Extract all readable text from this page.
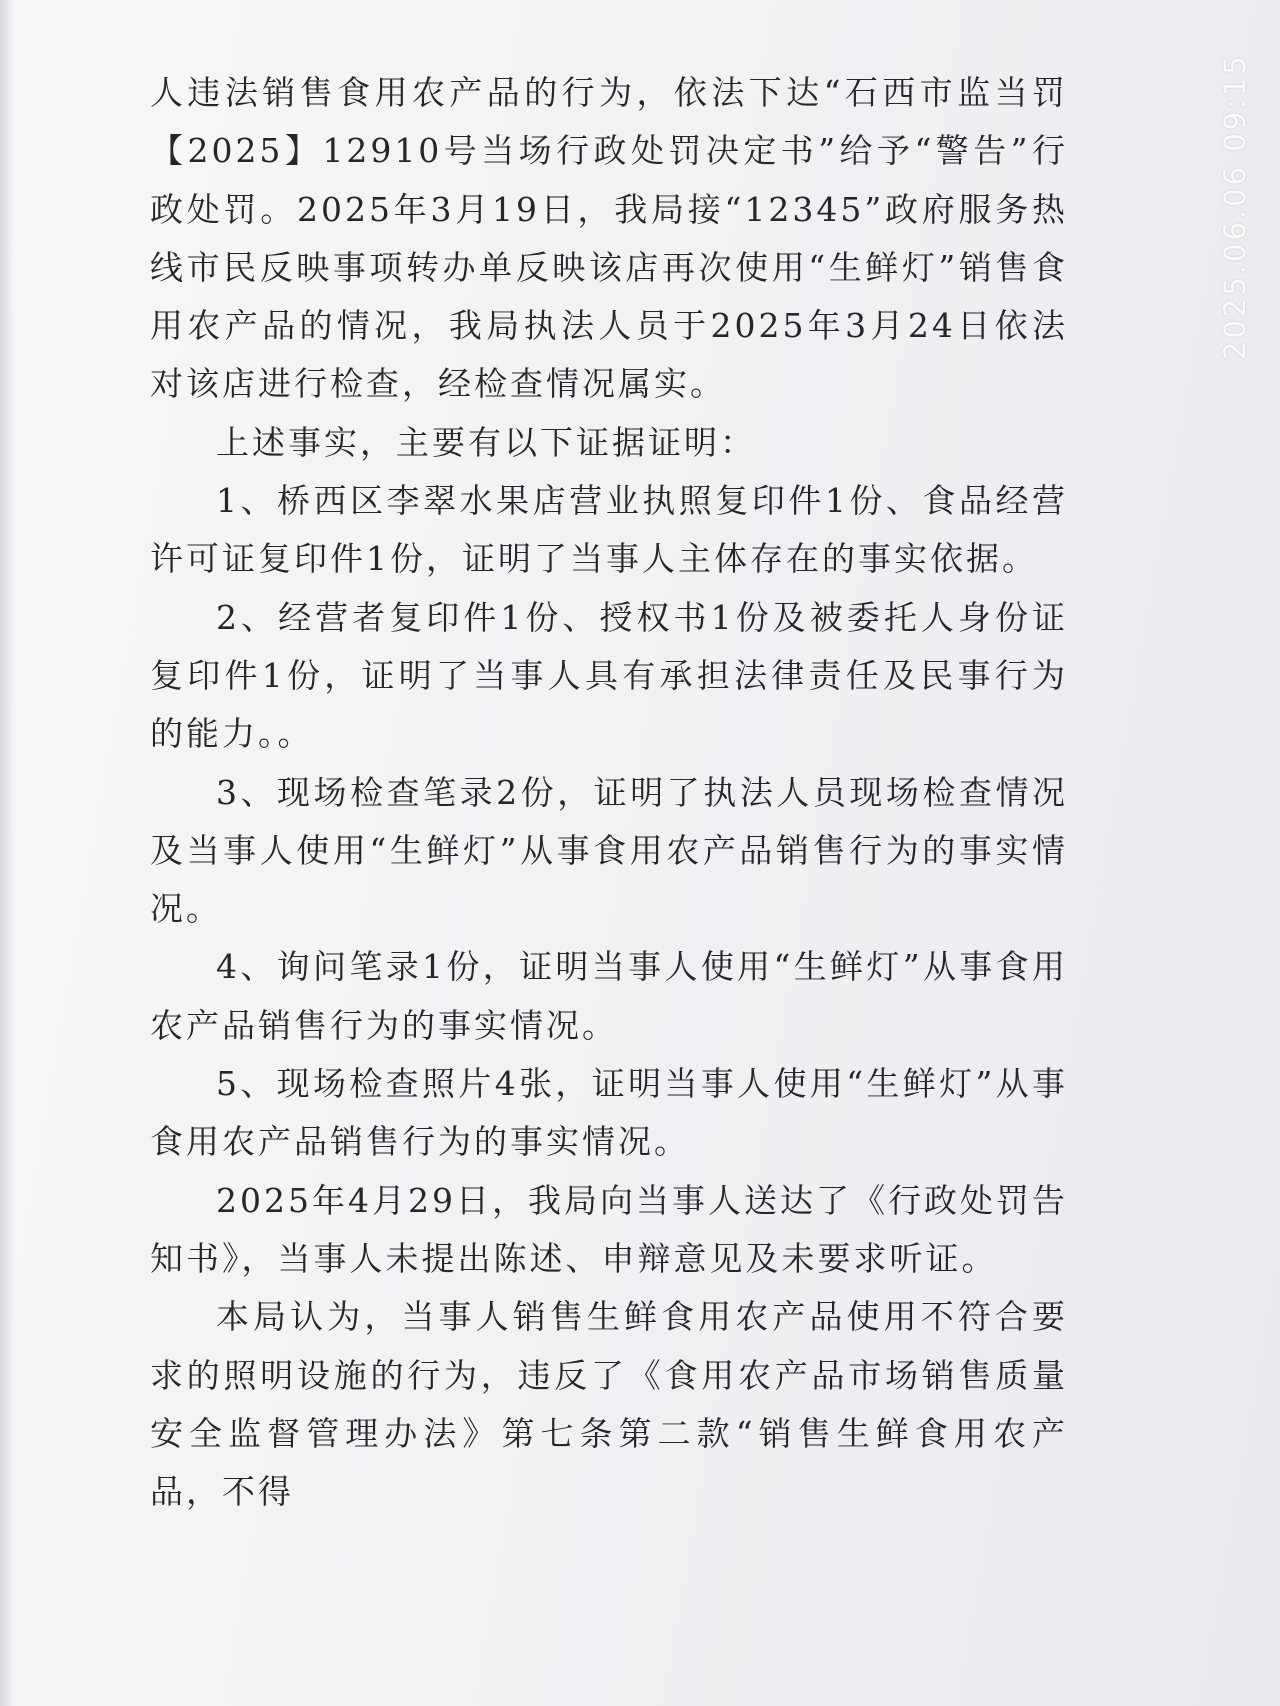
人违法销售食用农产品的行为，依法下达“石西市监当罚【2025】12910号当场行政处罚决定书”给予“警告”行政处罚。2025年3月19日，我局接“12345”政府服务热线市民反映事项转办单反映该店再次使用“生鲜灯”销售食用农产品的情况，我局执法人员于2025年3月24日依法对该店进行检查，经检查情况属实。

上述事实，主要有以下证据证明：

1、桥西区李翠水果店营业执照复印件1份、食品经营许可证复印件1份，证明了当事人主体存在的事实依据。

2、经营者复印件1份、授权书1份及被委托人身份证复印件1份，证明了当事人具有承担法律责任及民事行为的能力。。

3、现场检查笔录2份，证明了执法人员现场检查情况及当事人使用“生鲜灯”从事食用农产品销售行为的事实情况。

4、询问笔录1份，证明当事人使用“生鲜灯”从事食用农产品销售行为的事实情况。

5、现场检查照片4张，证明当事人使用“生鲜灯”从事食用农产品销售行为的事实情况。

2025年4月29日，我局向当事人送达了《行政处罚告知书》，当事人未提出陈述、申辩意见及未要求听证。

本局认为，当事人销售生鲜食用农产品使用不符合要求的照明设施的行为，违反了《食用农产品市场销售质量安全监督管理办法》第七条第二款“销售生鲜食用农产品，不得

2025.06.06 09:15
